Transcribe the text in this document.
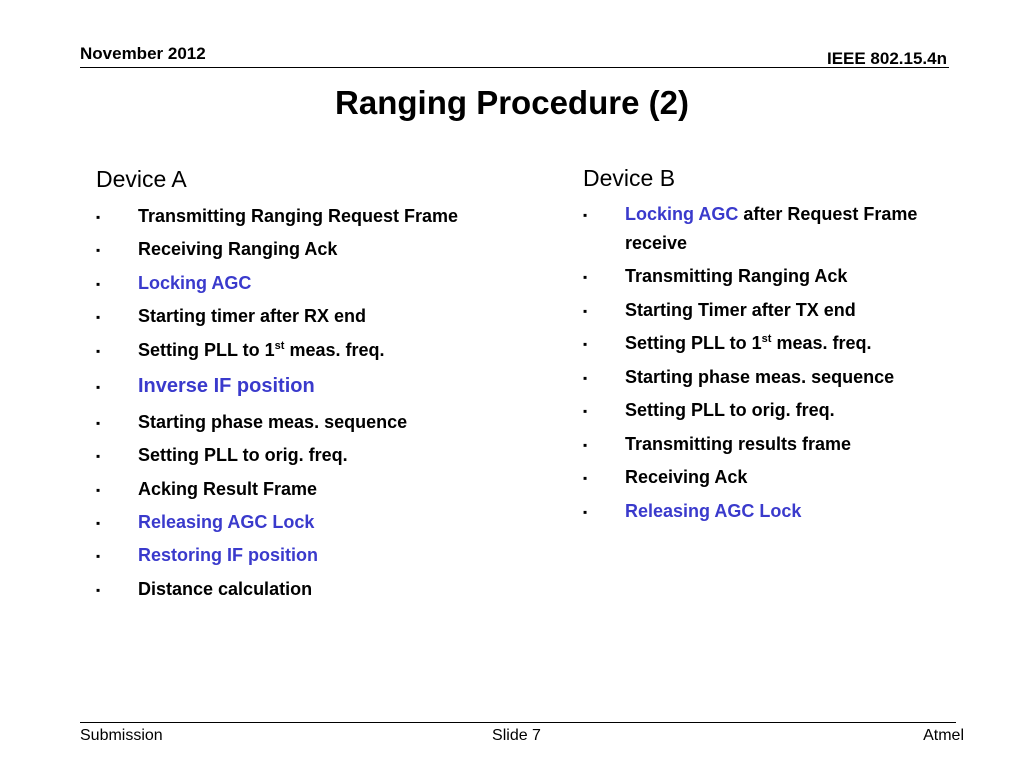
November 2012	IEEE 802.15.4n
Ranging Procedure (2)
Device A
▪ Transmitting Ranging Request Frame
▪ Receiving Ranging Ack
▪ Locking AGC
▪ Starting timer after RX end
▪ Setting PLL to 1st meas. freq.
▪ Inverse IF position
▪ Starting phase meas. sequence
▪ Setting PLL to orig. freq.
▪ Acking Result Frame
▪ Releasing AGC Lock
▪ Restoring IF position
▪ Distance calculation
Device B
▪ Locking AGC after Request Frame
receive
▪ Transmitting Ranging Ack
▪ Starting Timer after TX end
▪ Setting PLL to 1st meas. freq.
▪ Starting phase meas. sequence
▪ Setting PLL to orig. freq.
▪ Transmitting results frame
▪ Receiving Ack
▪ Releasing AGC Lock
Submission	Slide 7	Atmel
